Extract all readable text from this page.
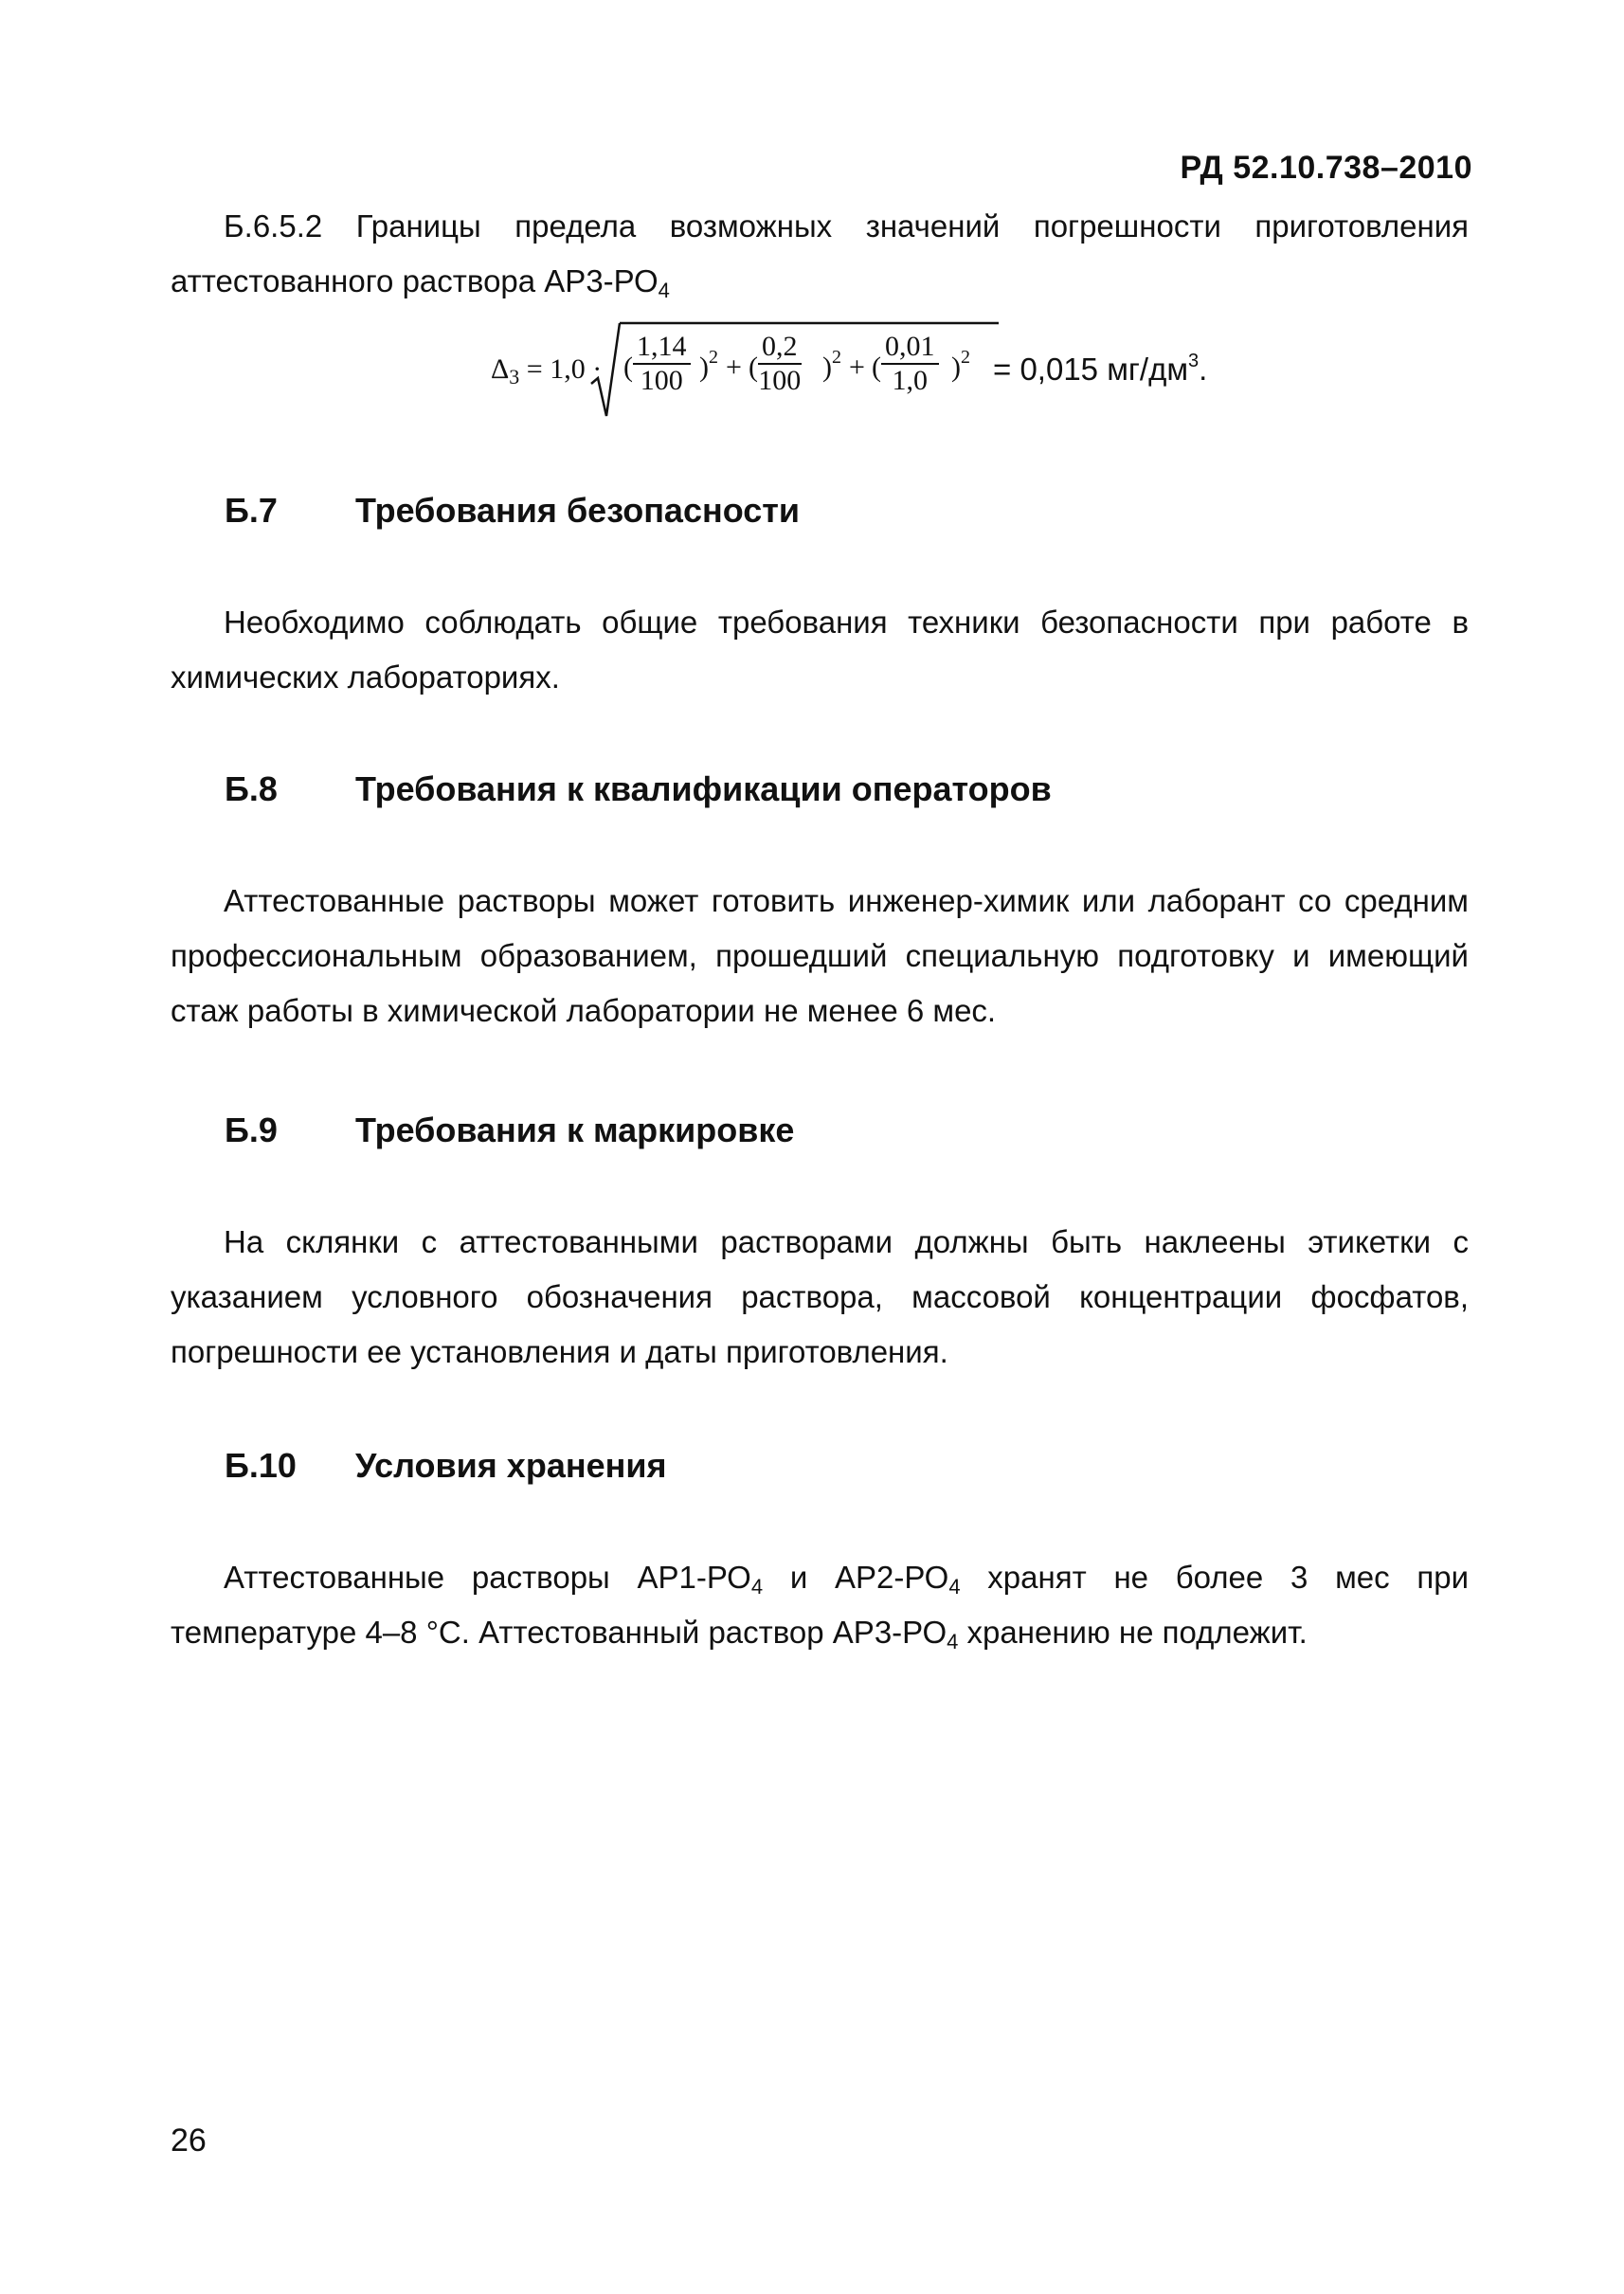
РД 52.10.738–2010

Б.6.5.2 Границы предела возможных значений погрешности приготовления аттестованного раствора $АР3-РО_4$

$\Delta_3 = 1,0$ · ( $\frac{1,14}{100} )^2$ + ( $\frac{0,2}{100} )^2$ + ( $\frac{0,01}{1,0} )^2 = 0,015$ $мг/дм^3$.
Б.7 Требования безопасности

Необходимо соблюдать общие требования техники безопасности при работе в химических лабораториях.

Б.8 Требования к квалификации операторов

Аттестованные растворы может готовить инженер-химик или лаборант со средним профессиональным образованием, прошедший специальную подготовку и имеющий стаж работы в химической лаборатории не менее 6 мес.

Б.9 Требования к маркировке

На склянки с аттестованными растворами должны быть наклеены этикетки с указанием условного обозначения раствора, массовой концентрации фосфатов, погрешности ее установления и даты приготовления.

Б.10 Условия хранения

Аттестованные растворы $АР1-РО_4$ и $АР2-РО_4$ хранят не более 3 мес при температуре 4–8 °С. Аттестованный раствор $АР3-РО_4$ хранению не подлежит.

26
